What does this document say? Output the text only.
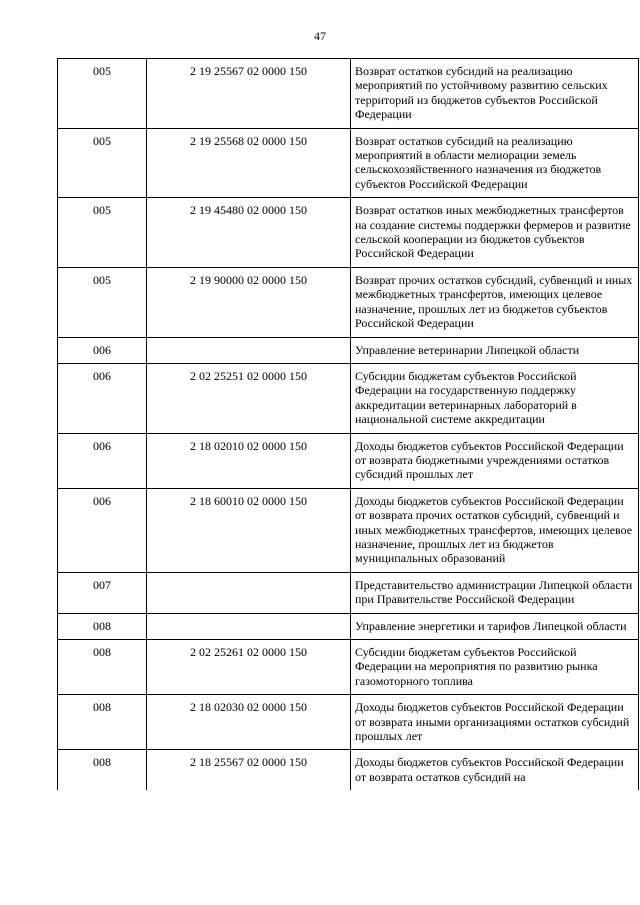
47
005	2 19 25567 02 0000 150	Возврат остатков субсидий на реализацию мероприятий по устойчивому развитию сельских территорий из бюджетов субъектов Российской Федерации
005	2 19 25568 02 0000 150	Возврат остатков субсидий на реализацию мероприятий в области мелиорации земель сельскохозяйственного назначения из бюджетов субъектов Российской Федерации
005	2 19 45480 02 0000 150	Возврат остатков иных межбюджетных трансфертов на создание системы поддержки фермеров и развитие сельской кооперации из бюджетов субъектов Российской Федерации
005	2 19 90000 02 0000 150	Возврат прочих остатков субсидий, субвенций и иных межбюджетных трансфертов, имеющих целевое назначение, прошлых лет из бюджетов субъектов Российской Федерации
006		Управление ветеринарии Липецкой области
006	2 02 25251 02 0000 150	Субсидии бюджетам субъектов Российской Федерации на государственную поддержку аккредитации ветеринарных лабораторий в национальной системе аккредитации
006	2 18 02010 02 0000 150	Доходы бюджетов субъектов Российской Федерации от возврата бюджетными учреждениями остатков субсидий прошлых лет
006	2 18 60010 02 0000 150	Доходы бюджетов субъектов Российской Федерации от возврата прочих остатков субсидий, субвенций и иных межбюджетных трансфертов, имеющих целевое назначение, прошлых лет из бюджетов муниципальных образований
007		Представительство администрации Липецкой области при Правительстве Российской Федерации
008		Управление энергетики и тарифов Липецкой области
008	2 02 25261 02 0000 150	Субсидии бюджетам субъектов Российской Федерации на мероприятия по развитию рынка газомоторного топлива
008	2 18 02030 02 0000 150	Доходы бюджетов субъектов Российской Федерации от возврата иными организациями остатков субсидий прошлых лет
008	2 18 25567 02 0000 150	Доходы бюджетов субъектов Российской Федерации от возврата остатков субсидий на
